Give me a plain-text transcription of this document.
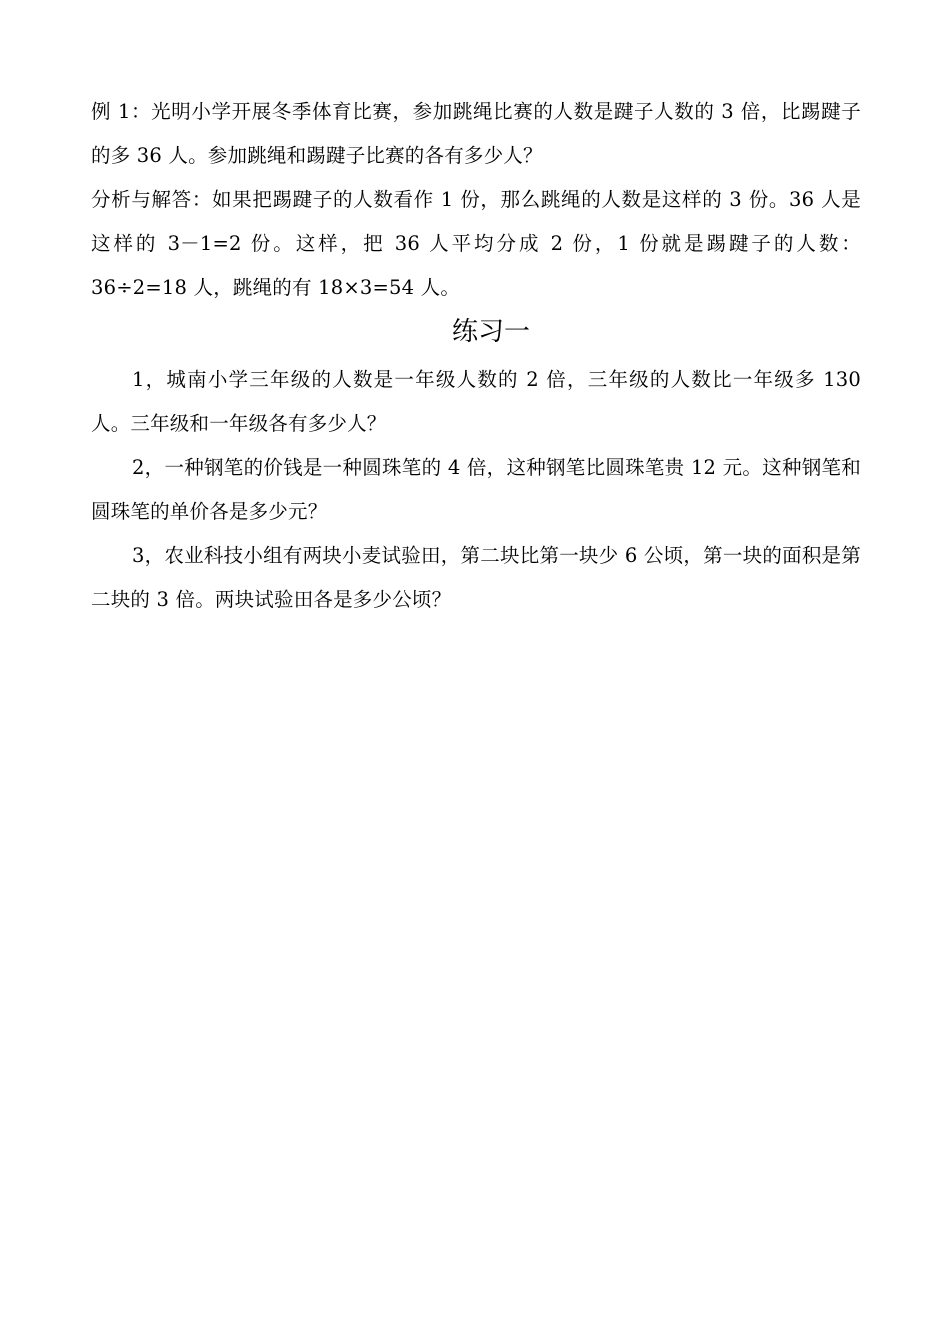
例 1：光明小学开展冬季体育比赛，参加跳绳比赛的人数是踺子人数的 3 倍，比踢踺子的多 36 人。参加跳绳和踢踺子比赛的各有多少人？

分析与解答：如果把踢踺子的人数看作 1 份，那么跳绳的人数是这样的 3 份。36 人是这样的 3－1=2 份。这样，把 36 人平均分成 2 份，1 份就是踢踺子的人数：36÷2=18 人，跳绳的有 18×3=54 人。

练习一

1，城南小学三年级的人数是一年级人数的 2 倍，三年级的人数比一年级多 130 人。三年级和一年级各有多少人？

2，一种钢笔的价钱是一种圆珠笔的 4 倍，这种钢笔比圆珠笔贵 12 元。这种钢笔和圆珠笔的单价各是多少元？

3，农业科技小组有两块小麦试验田，第二块比第一块少 6 公顷，第一块的面积是第二块的 3 倍。两块试验田各是多少公顷？
